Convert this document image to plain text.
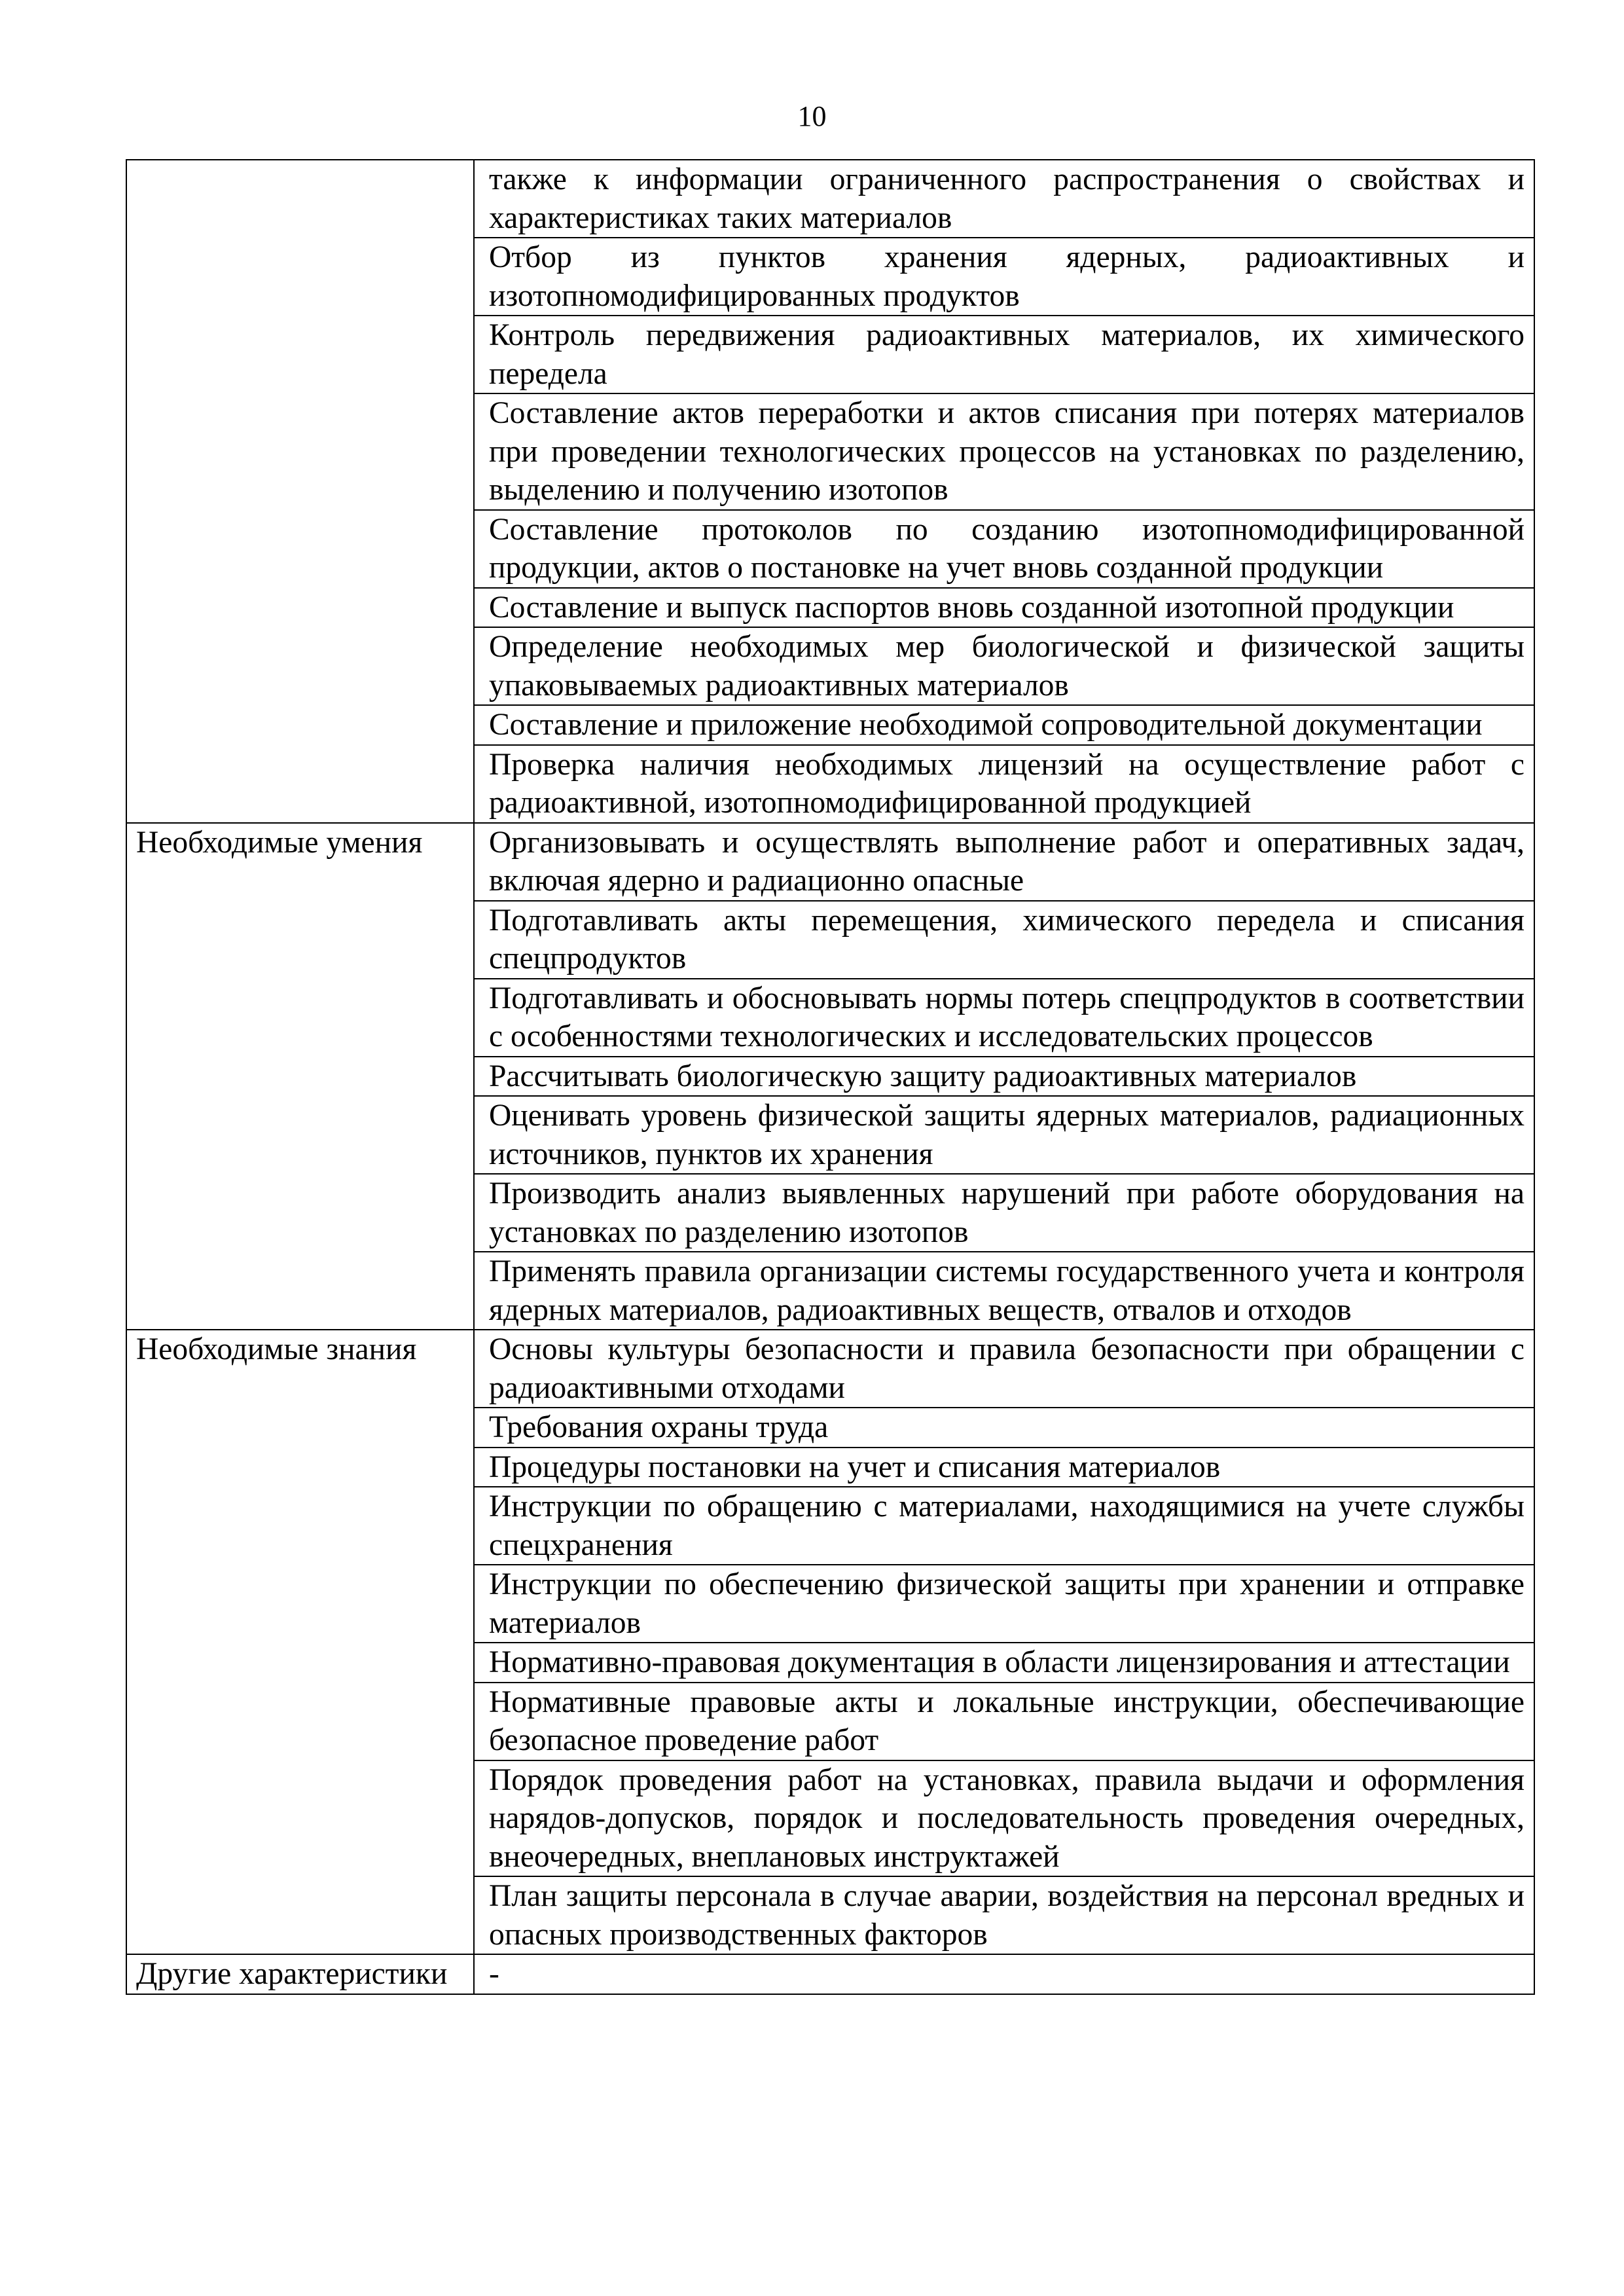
10
	также к информации ограниченного распространения о свойствах и характеристиках таких материалов
	Отбор из пунктов хранения ядерных, радиоактивных и изотопномодифицированных продуктов
	Контроль передвижения радиоактивных материалов, их химического передела
	Составление актов переработки и актов списания при потерях материалов при проведении технологических процессов на установках по разделению, выделению и получению изотопов
	Составление протоколов по созданию изотопномодифицированной продукции, актов о постановке на учет вновь созданной продукции
	Составление и выпуск паспортов вновь созданной изотопной продукции
	Определение необходимых мер биологической и физической защиты упаковываемых радиоактивных материалов
	Составление и приложение необходимой сопроводительной документации
	Проверка наличия необходимых лицензий на осуществление работ с радиоактивной, изотопномодифицированной продукцией
Необходимые умения	Организовывать и осуществлять выполнение работ и оперативных задач, включая ядерно и радиационно опасные
	Подготавливать акты перемещения, химического передела и списания спецпродуктов
	Подготавливать и обосновывать нормы потерь спецпродуктов в соответствии с особенностями технологических и исследовательских процессов
	Рассчитывать биологическую защиту радиоактивных материалов
	Оценивать уровень физической защиты ядерных материалов, радиационных источников, пунктов их хранения
	Производить анализ выявленных нарушений при работе оборудования на установках по разделению изотопов
	Применять правила организации системы государственного учета и контроля ядерных материалов, радиоактивных веществ, отвалов и отходов
Необходимые знания	Основы культуры безопасности и правила безопасности при обращении с радиоактивными отходами
	Требования охраны труда
	Процедуры постановки на учет и списания материалов
	Инструкции по обращению с материалами, находящимися на учете службы спецхранения
	Инструкции по обеспечению физической защиты при хранении и отправке материалов
	Нормативно-правовая документация в области лицензирования и аттестации
	Нормативные правовые акты и локальные инструкции, обеспечивающие безопасное проведение работ
	Порядок проведения работ на установках, правила выдачи и оформления нарядов-допусков, порядок и последовательность проведения очередных, внеочередных, внеплановых инструктажей
	План защиты персонала в случае аварии, воздействия на персонал вредных и опасных производственных факторов
Другие характеристики	-
